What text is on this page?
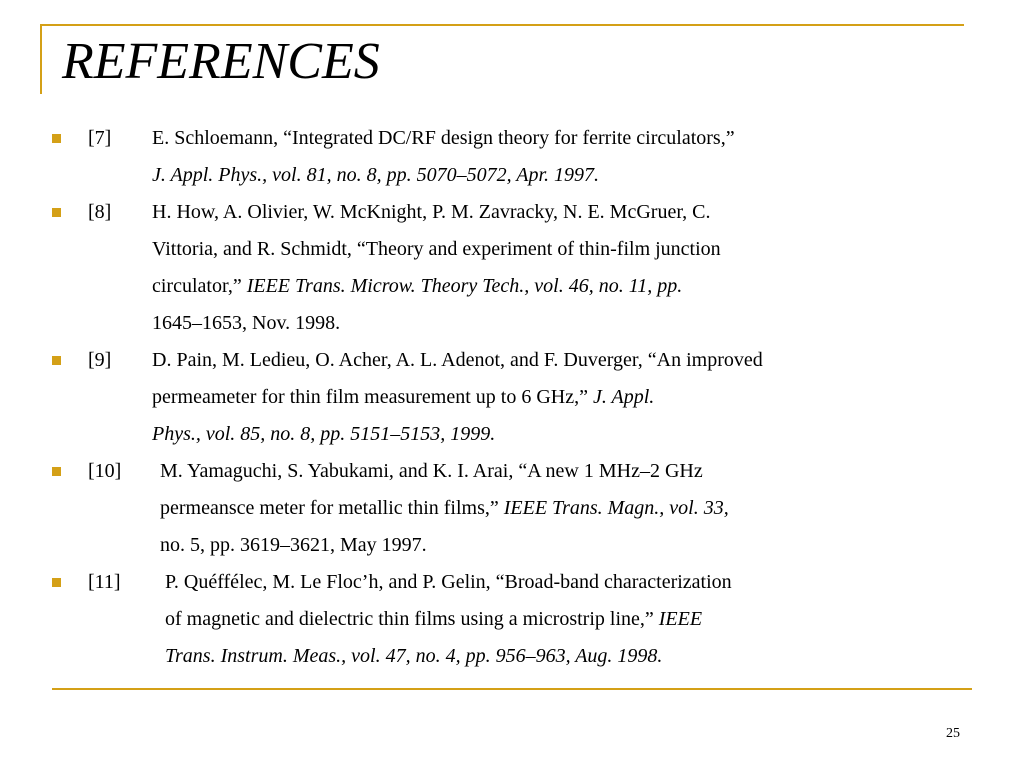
REFERENCES
[7] E. Schloemann, “Integrated DC/RF design theory for ferrite circulators,”
J. Appl. Phys., vol. 81, no. 8, pp. 5070–5072, Apr. 1997.
[8] H. How, A. Olivier, W. McKnight, P. M. Zavracky, N. E. McGruer, C.
Vittoria, and R. Schmidt, “Theory and experiment of thin-film junction
circulator,” IEEE Trans. Microw. Theory Tech., vol. 46, no. 11, pp.
1645–1653, Nov. 1998.
[9] D. Pain, M. Ledieu, O. Acher, A. L. Adenot, and F. Duverger, “An improved
permeameter for thin film measurement up to 6 GHz,” J. Appl.
Phys., vol. 85, no. 8, pp. 5151–5153, 1999.
[10] M. Yamaguchi, S. Yabukami, and K. I. Arai, “A new 1 MHz–2 GHz
permeansce meter for metallic thin films,” IEEE Trans. Magn., vol. 33,
no. 5, pp. 3619–3621, May 1997.
[11] P. Quéffélec, M. Le Floc’h, and P. Gelin, “Broad-band characterization
of magnetic and dielectric thin films using a microstrip line,” IEEE
Trans. Instrum. Meas., vol. 47, no. 4, pp. 956–963, Aug. 1998.
25
